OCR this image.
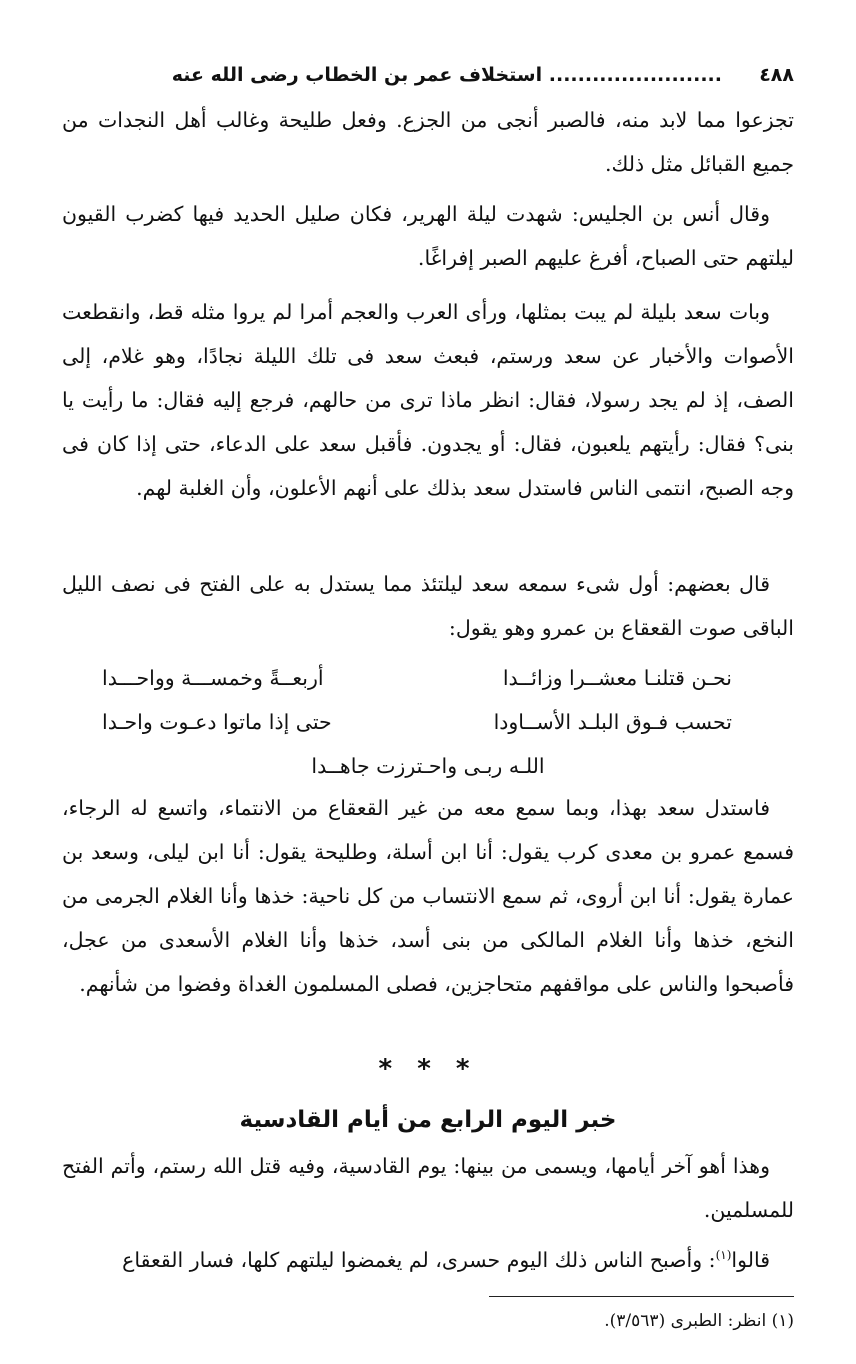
٤٨٨
........................ استخلاف عمر بن الخطاب رضى الله عنه

تجزعوا مما لابد منه، فالصبر أنجى من الجزع. وفعل طليحة وغالب أهل النجدات من جميع القبائل مثل ذلك.

وقال أنس بن الجليس: شهدت ليلة الهرير، فكان صليل الحديد فيها كضرب القيون ليلتهم حتى الصباح، أفرغ عليهم الصبر إفراغًا.

وبات سعد بليلة لم يبت بمثلها، ورأى العرب والعجم أمرا لم يروا مثله قط، وانقطعت الأصوات والأخبار عن سعد ورستم، فبعث سعد فى تلك الليلة نجادًا، وهو غلام، إلى الصف، إذ لم يجد رسولا، فقال: انظر ماذا ترى من حالهم، فرجع إليه فقال: ما رأيت يا بنى؟ فقال: رأيتهم يلعبون، فقال: أو يجدون. فأقبل سعد على الدعاء، حتى إذا كان فى وجه الصبح، انتمى الناس فاستدل سعد بذلك على أنهم الأعلون، وأن الغلبة لهم.

قال بعضهم: أول شىء سمعه سعد ليلتئذ مما يستدل به على الفتح فى نصف الليل الباقى صوت القعقاع بن عمرو وهو يقول:

نحـن قتلنـا معشــرا وزائــدا
أربعــةً وخمســـة وواحـــدا
تحسب فـوق البلـد الأســاودا
حتى إذا ماتوا دعـوت واحـدا
اللـه ربـى واحـترزت جاهــدا

فاستدل سعد بهذا، وبما سمع معه من غير القعقاع من الانتماء، واتسع له الرجاء، فسمع عمرو بن معدى كرب يقول: أنا ابن أسلة، وطليحة يقول: أنا ابن ليلى، وسعد بن عمارة يقول: أنا ابن أروى، ثم سمع الانتساب من كل ناحية: خذها وأنا الغلام الجرمى من النخع، خذها وأنا الغلام المالكى من بنى أسد، خذها وأنا الغلام الأسعدى من عجل، فأصبحوا والناس على مواقفهم متحاجزين، فصلى المسلمون الغداة وفضوا من شأنهم.

* * *
خبر اليوم الرابع من أيام القادسية

وهذا أهو آخر أيامها، ويسمى من بينها: يوم القادسية، وفيه قتل الله رستم، وأتم الفتح للمسلمين.

قالوا$^{(١)}$: وأصبح الناس ذلك اليوم حسرى، لم يغمضوا ليلتهم كلها، فسار القعقاع

(١) انظر: الطبرى (٣/٥٦٣).
